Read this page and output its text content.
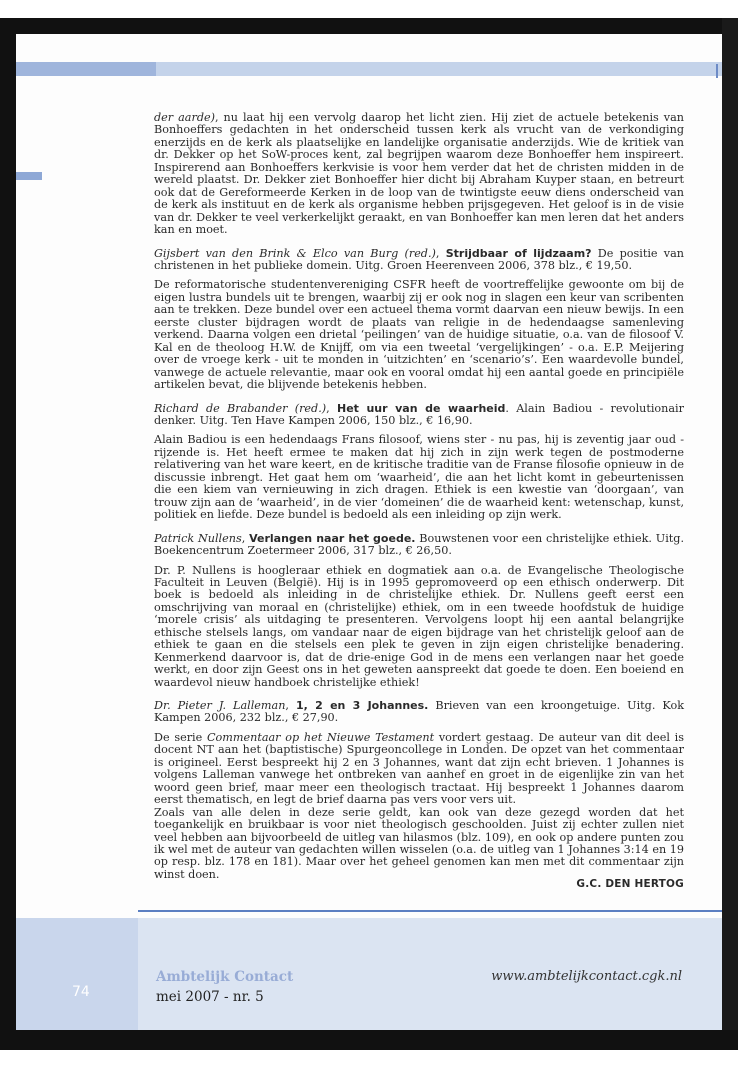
der aarde), nu laat hij een vervolg daarop het licht zien. Hij ziet de actuele betekenis van Bonhoeffers gedachten in het onderscheid tussen kerk als vrucht van de verkondiging enerzijds en de kerk als plaatselijke en landelijke organisatie anderzijds. Wie de kritiek van dr. Dekker op het SoW-proces kent, zal begrijpen waarom deze Bonhoeffer hem inspireert. Inspirerend aan Bonhoeffers kerkvisie is voor hem verder dat het de christen midden in de wereld plaatst. Dr. Dekker ziet Bonhoeffer hier dicht bij Abraham Kuyper staan, en betreurt ook dat de Gereformeerde Kerken in de loop van de twintigste eeuw diens onderscheid van de kerk als instituut en de kerk als organisme hebben prijsgegeven. Het geloof is in de visie van dr. Dekker te veel verkerkelijkt geraakt, en van Bonhoeffer kan men leren dat het anders kan en moet.

Gijsbert van den Brink & Elco van Burg (red.), Strijdbaar of lijdzaam? De positie van christenen in het publieke domein. Uitg. Groen Heerenveen 2006, 378 blz., € 19,50.

De reformatorische studentenvereniging CSFR heeft de voortreffelijke gewoonte om bij de eigen lustra bundels uit te brengen, waarbij zij er ook nog in slagen een keur van scribenten aan te trekken. Deze bundel over een actueel thema vormt daarvan een nieuw bewijs. In een eerste cluster bijdragen wordt de plaats van religie in de hedendaagse samenleving verkend. Daarna volgen een drietal ‘peilingen’ van de huidige situatie, o.a. van de filosoof V. Kal en de theoloog H.W. de Knijff, om via een tweetal ‘vergelijkingen’ - o.a. E.P. Meijering over de vroege kerk - uit te monden in ‘uitzichten’ en ‘scenario’s’. Een waardevolle bundel, vanwege de actuele relevantie, maar ook en vooral omdat hij een aantal goede en principiële artikelen bevat, die blijvende betekenis hebben.

Richard de Brabander (red.), Het uur van de waarheid. Alain Badiou - revolutionair denker. Uitg. Ten Have Kampen 2006, 150 blz., € 16,90.

Alain Badiou is een hedendaags Frans filosoof, wiens ster - nu pas, hij is zeventig jaar oud - rijzende is. Het heeft ermee te maken dat hij zich in zijn werk tegen de postmoderne relativering van het ware keert, en de kritische traditie van de Franse filosofie opnieuw in de discussie inbrengt. Het gaat hem om ‘waarheid’, die aan het licht komt in gebeurtenissen die een kiem van vernieuwing in zich dragen. Ethiek is een kwestie van ‘doorgaan’, van trouw zijn aan de ‘waarheid’, in de vier ‘domeinen’ die de waarheid kent: wetenschap, kunst, politiek en liefde. Deze bundel is bedoeld als een inleiding op zijn werk.

Patrick Nullens, Verlangen naar het goede. Bouwstenen voor een christelijke ethiek. Uitg. Boekencentrum Zoetermeer 2006, 317 blz., € 26,50.

Dr. P. Nullens is hoogleraar ethiek en dogmatiek aan o.a. de Evangelische Theologische Faculteit in Leuven (België). Hij is in 1995 gepromoveerd op een ethisch onderwerp. Dit boek is bedoeld als inleiding in de christelijke ethiek. Dr. Nullens geeft eerst een omschrijving van moraal en (christelijke) ethiek, om in een tweede hoofdstuk de huidige ‘morele crisis’ als uitdaging te presenteren. Vervolgens loopt hij een aantal belangrijke ethische stelsels langs, om vandaar naar de eigen bijdrage van het christelijk geloof aan de ethiek te gaan en die stelsels een plek te geven in zijn eigen christelijke benadering. Kenmerkend daarvoor is, dat de drie-enige God in de mens een verlangen naar het goede werkt, en door zijn Geest ons in het geweten aanspreekt dat goede te doen. Een boeiend en waardevol nieuw handboek christelijke ethiek!

Dr. Pieter J. Lalleman, 1, 2 en 3 Johannes. Brieven van een kroongetuige. Uitg. Kok Kampen 2006, 232 blz., € 27,90.

De serie Commentaar op het Nieuwe Testament vordert gestaag. De auteur van dit deel is docent NT aan het (baptistische) Spurgeoncollege in Londen. De opzet van het commentaar is origineel. Eerst bespreekt hij 2 en 3 Johannes, want dat zijn echt brieven. 1 Johannes is volgens Lalleman vanwege het ontbreken van aanhef en groet in de eigenlijke zin van het woord geen brief, maar meer een theologisch tractaat. Hij bespreekt 1 Johannes daarom eerst thematisch, en legt de brief daarna pas vers voor vers uit.

Zoals van alle delen in deze serie geldt, kan ook van deze gezegd worden dat het toegankelijk en bruikbaar is voor niet theologisch geschoolden. Juist zij echter zullen niet veel hebben aan bijvoorbeeld de uitleg van hilasmos (blz. 109), en ook op andere punten zou ik wel met de auteur van gedachten willen wisselen (o.a. de uitleg van 1 Johannes 3:14 en 19 op resp. blz. 178 en 181). Maar over het geheel genomen kan men met dit commentaar zijn winst doen.

G.C. DEN HERTOG
74
Ambtelijk Contact
mei 2007 - nr. 5
www.ambtelijkcontact.cgk.nl
